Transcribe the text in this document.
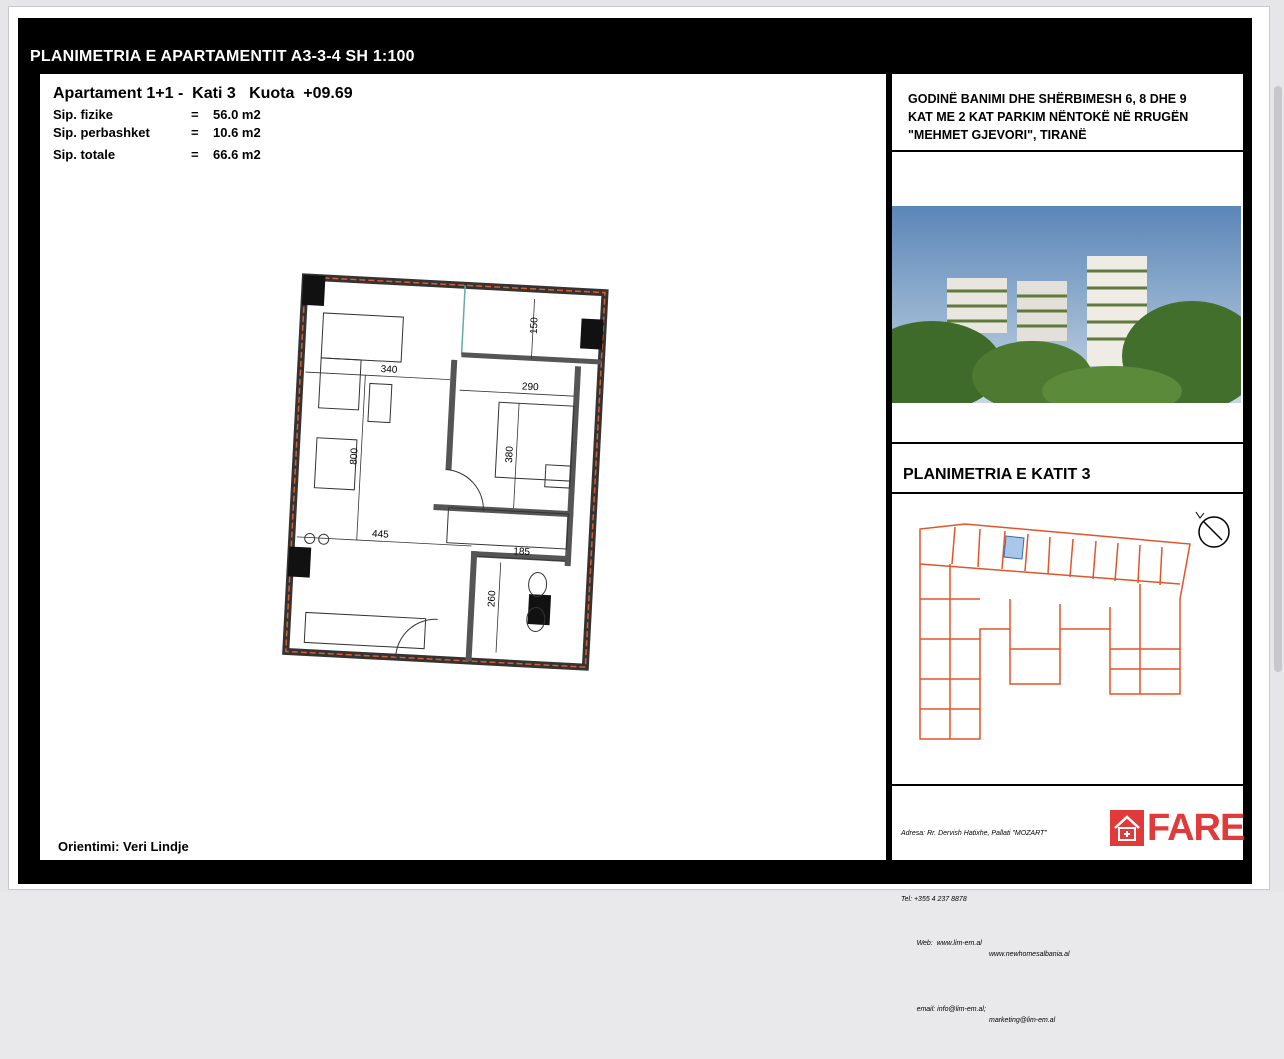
PLANIMETRIA E APARTAMENTIT A3-3-4 SH 1:100
Apartament 1+1 -  Kati 3   Kuota  +09.69
Sip. fizike	= 56.0 m2
Sip. perbashket	= 10.6 m2
Sip. totale	= 66.6 m2
340
150
290
800	380
445
185
260
Orientimi: Veri Lindje
GODINË BANIMI DHE SHËRBIMESH 6, 8 DHE 9
KAT ME 2 KAT PARKIM NËNTOKË NË RRUGËN
"MEHMET GJEVORI", TIRANË
PLANIMETRIA E KATIT 3

Adresa: Rr. Dervish Hatixhe, Pallati "MOZART"

Kati 2, Tiranë, SHQIPËRI

Tel: +355 4 237 8878

Web:  www.lim-em.al

www.newhomesalbania.al

email: info@lim-em.al;

marketing@lim-em.al

FARE
